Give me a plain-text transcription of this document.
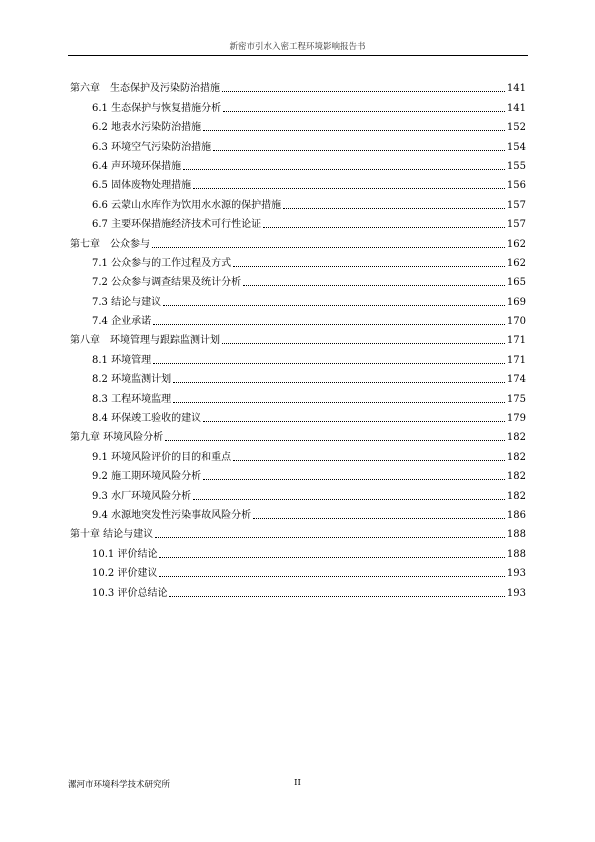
新密市引水入密工程环境影响报告书
第六章　生态保护及污染防治措施	141
6.1 生态保护与恢复措施分析	141
6.2 地表水污染防治措施	152
6.3 环境空气污染防治措施	154
6.4 声环境环保措施	155
6.5 固体废物处理措施	156
6.6 云蒙山水库作为饮用水水源的保护措施	157
6.7 主要环保措施经济技术可行性论证	157
第七章　公众参与	162
7.1 公众参与的工作过程及方式	162
7.2 公众参与调查结果及统计分析	165
7.3 结论与建议	169
7.4 企业承诺	170
第八章　环境管理与跟踪监测计划	171
8.1 环境管理	171
8.2 环境监测计划	174
8.3 工程环境监理	175
8.4 环保竣工验收的建议	179
第九章 环境风险分析	182
9.1 环境风险评价的目的和重点	182
9.2 施工期环境风险分析	182
9.3 水厂环境风险分析	182
9.4 水源地突发性污染事故风险分析	186
第十章 结论与建议	188
10.1 评价结论	188
10.2 评价建议	193
10.3 评价总结论	193
漯河市环境科学技术研究所	II
